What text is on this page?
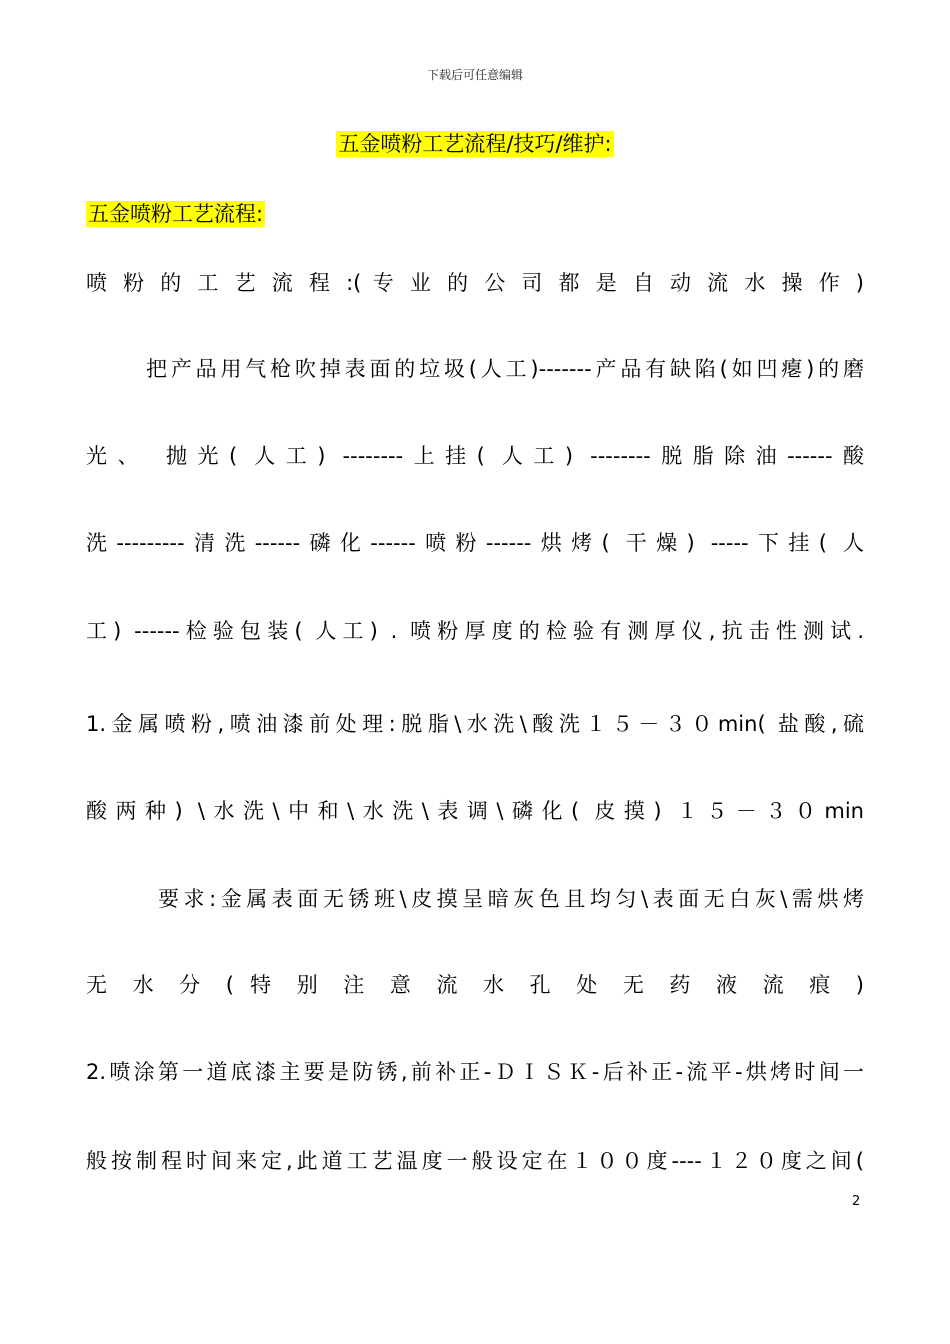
下载后可任意编辑
五金喷粉工艺流程/技巧/维护:
五金喷粉工艺流程:
喷 粉 的 工 艺 流 程 :( 专 业 的 公 司 都 是 自 动 流 水 操 作 )
把产品用气枪吹掉表面的垃圾(人工)-------产品有缺陷(如凹瘪)的磨
光、 抛光( 人工) --------上挂( 人工) --------脱脂除油------酸
洗---------清洗------磷化------喷粉------烘烤( 干燥) -----下挂( 人
工) ------检验包装( 人工) . 喷粉厚度的检验有测厚仪,抗击性测试.
1.金属喷粉,喷油漆前处理:脱脂\水洗\酸洗１５－３０min( 盐酸,硫
酸两种) \水洗\中和\水洗\表调\磷化( 皮摸) １５－３０min
要求:金属表面无锈班\皮摸呈暗灰色且均匀\表面无白灰\需烘烤
无 水 分 ( 特 别 注 意 流 水 孔 处 无 药 液 流 痕 )
2.喷涂第一道底漆主要是防锈,前补正-ＤＩＳＫ-后补正-流平-烘烤时间一
般按制程时间来定,此道工艺温度一般设定在１００度----１２０度之间(
2
